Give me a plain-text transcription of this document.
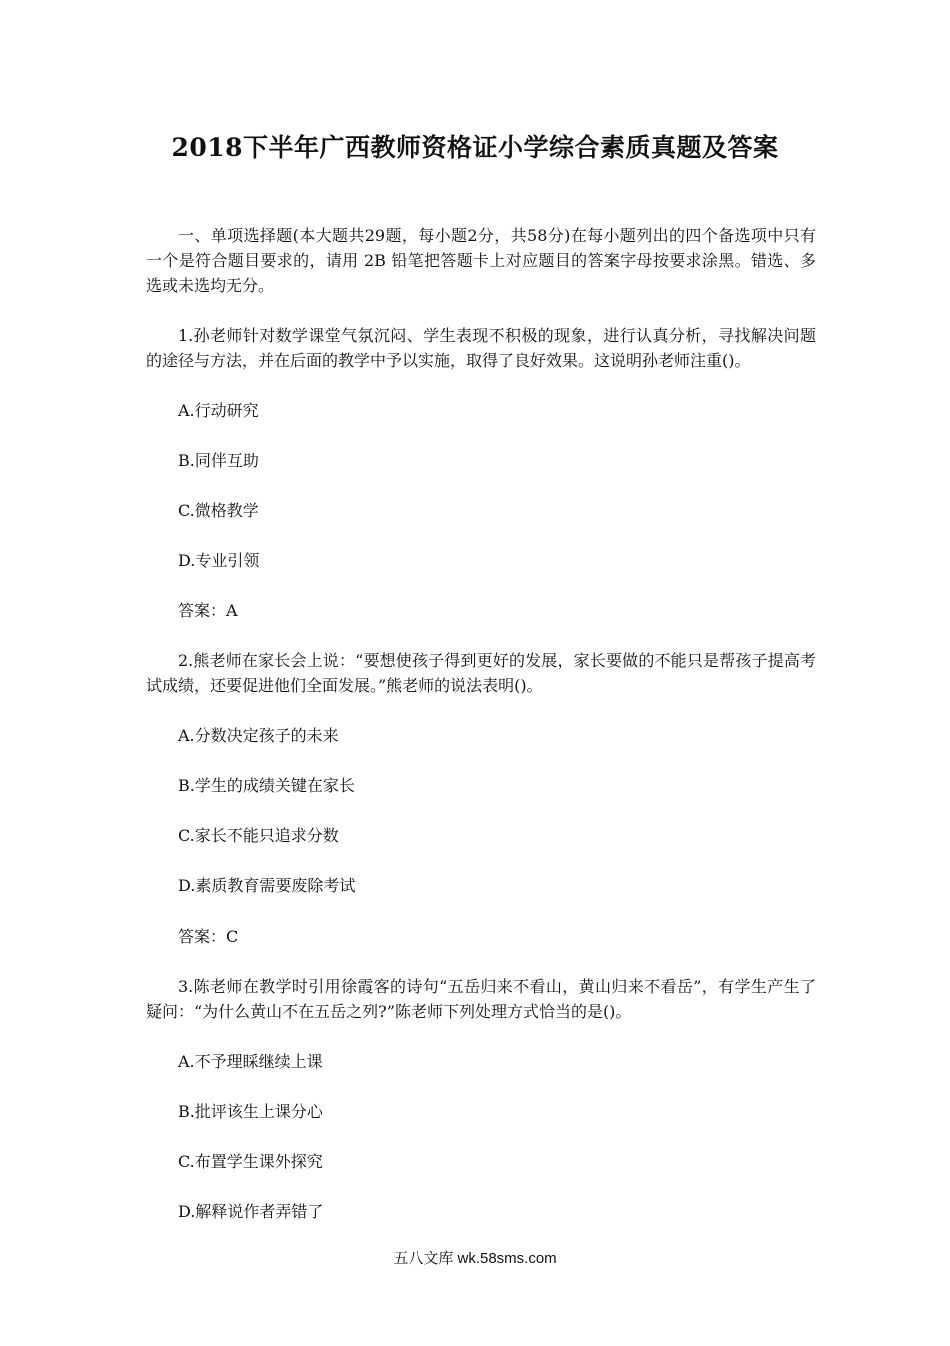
2018下半年广西教师资格证小学综合素质真题及答案

一、单项选择题(本大题共29题，每小题2分，共58分)在每小题列出的四个备选项中只有一个是符合题目要求的，请用 2B 铅笔把答题卡上对应题目的答案字母按要求涂黑。错选、多选或未选均无分。

1.孙老师针对数学课堂气氛沉闷、学生表现不积极的现象，进行认真分析，寻找解决问题的途径与方法，并在后面的教学中予以实施，取得了良好效果。这说明孙老师注重()。

A.行动研究

B.同伴互助

C.微格教学

D.专业引领

答案：A

2.熊老师在家长会上说：“要想使孩子得到更好的发展，家长要做的不能只是帮孩子提高考试成绩，还要促进他们全面发展。”熊老师的说法表明()。

A.分数决定孩子的未来

B.学生的成绩关键在家长

C.家长不能只追求分数

D.素质教育需要废除考试

答案：C

3.陈老师在教学时引用徐霞客的诗句“五岳归来不看山，黄山归来不看岳”，有学生产生了疑问：“为什么黄山不在五岳之列?”陈老师下列处理方式恰当的是()。

A.不予理睬继续上课

B.批评该生上课分心

C.布置学生课外探究

D.解释说作者弄错了

五八文库 wk.58sms.com
